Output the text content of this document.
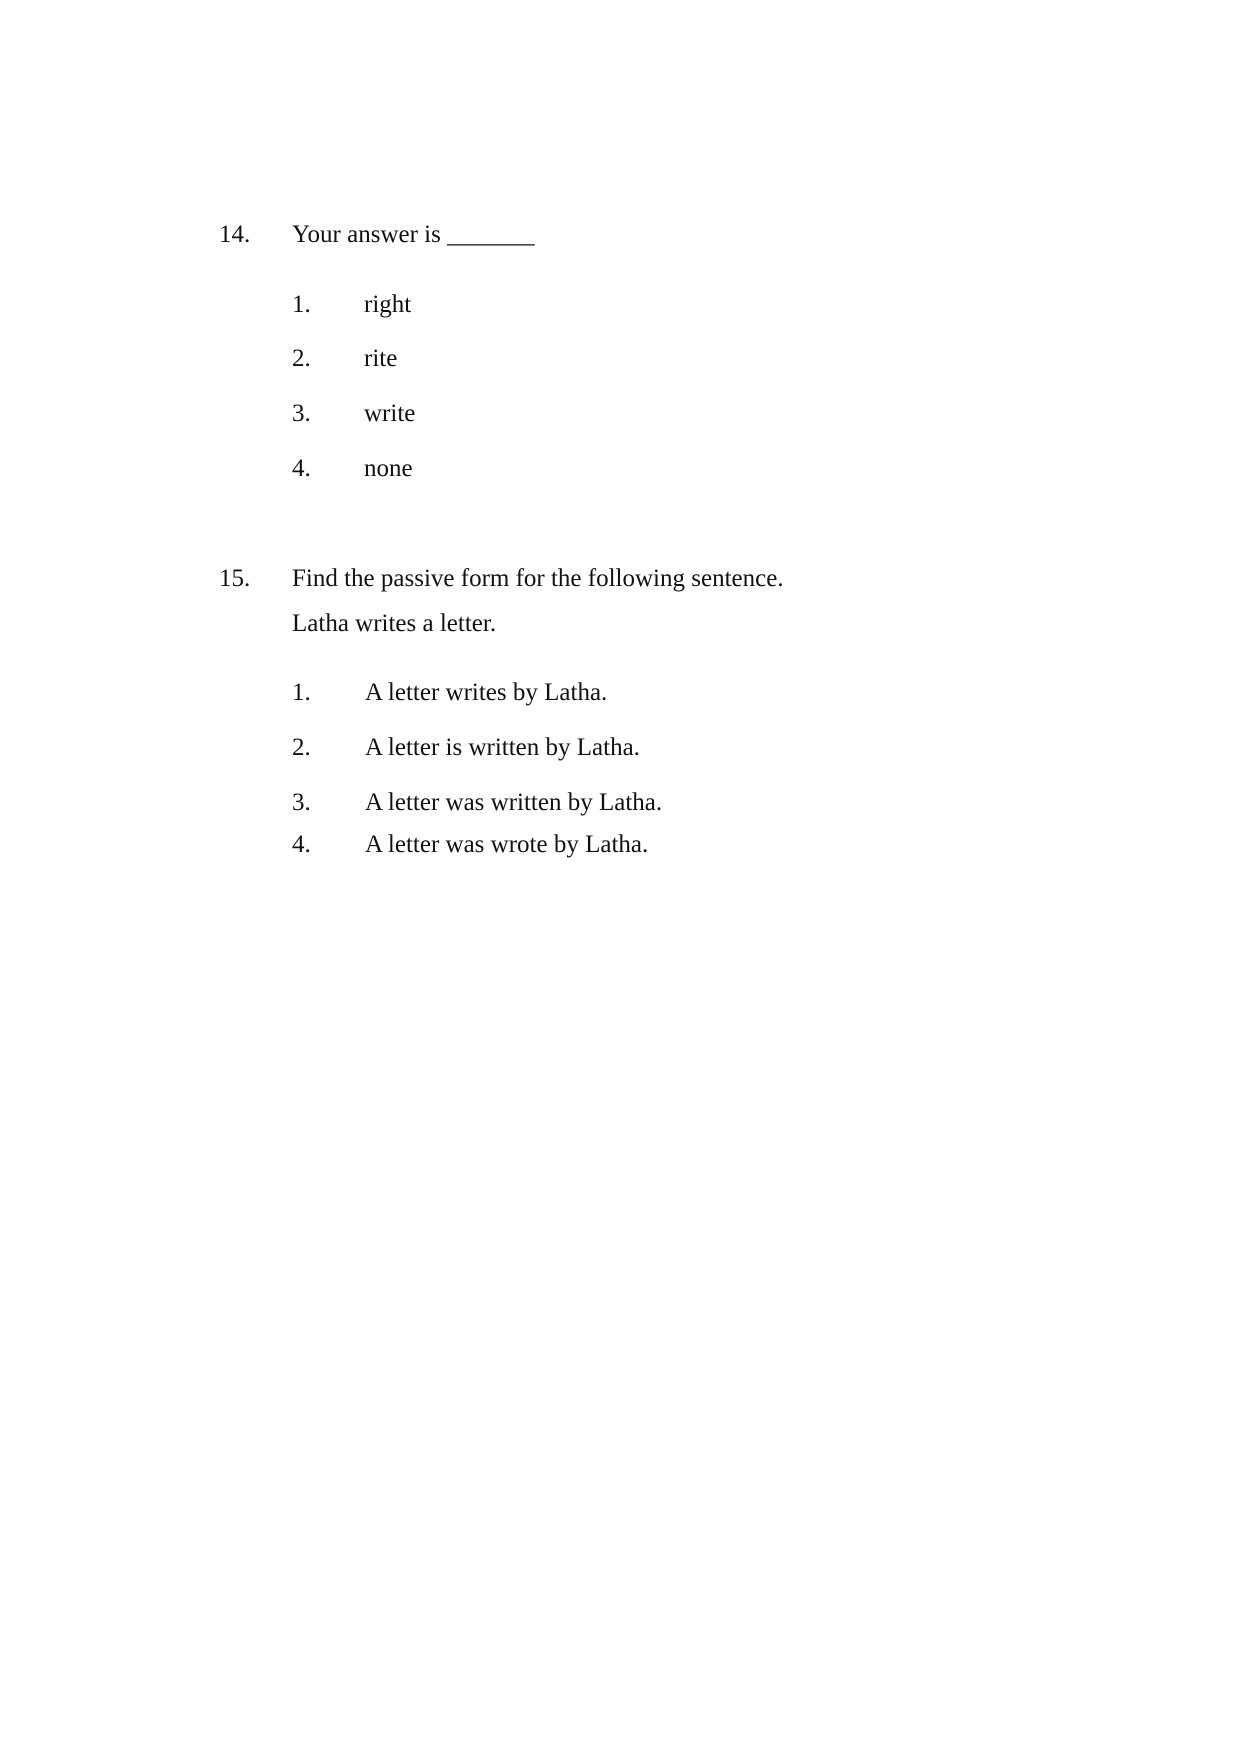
14. Your answer is _______
1. right
2. rite
3. write
4. none
15. Find the passive form for the following sentence.
Latha writes a letter.
1. A letter writes by Latha.
2. A letter is written by Latha.
3. A letter was written by Latha.
4. A letter was wrote by Latha.
